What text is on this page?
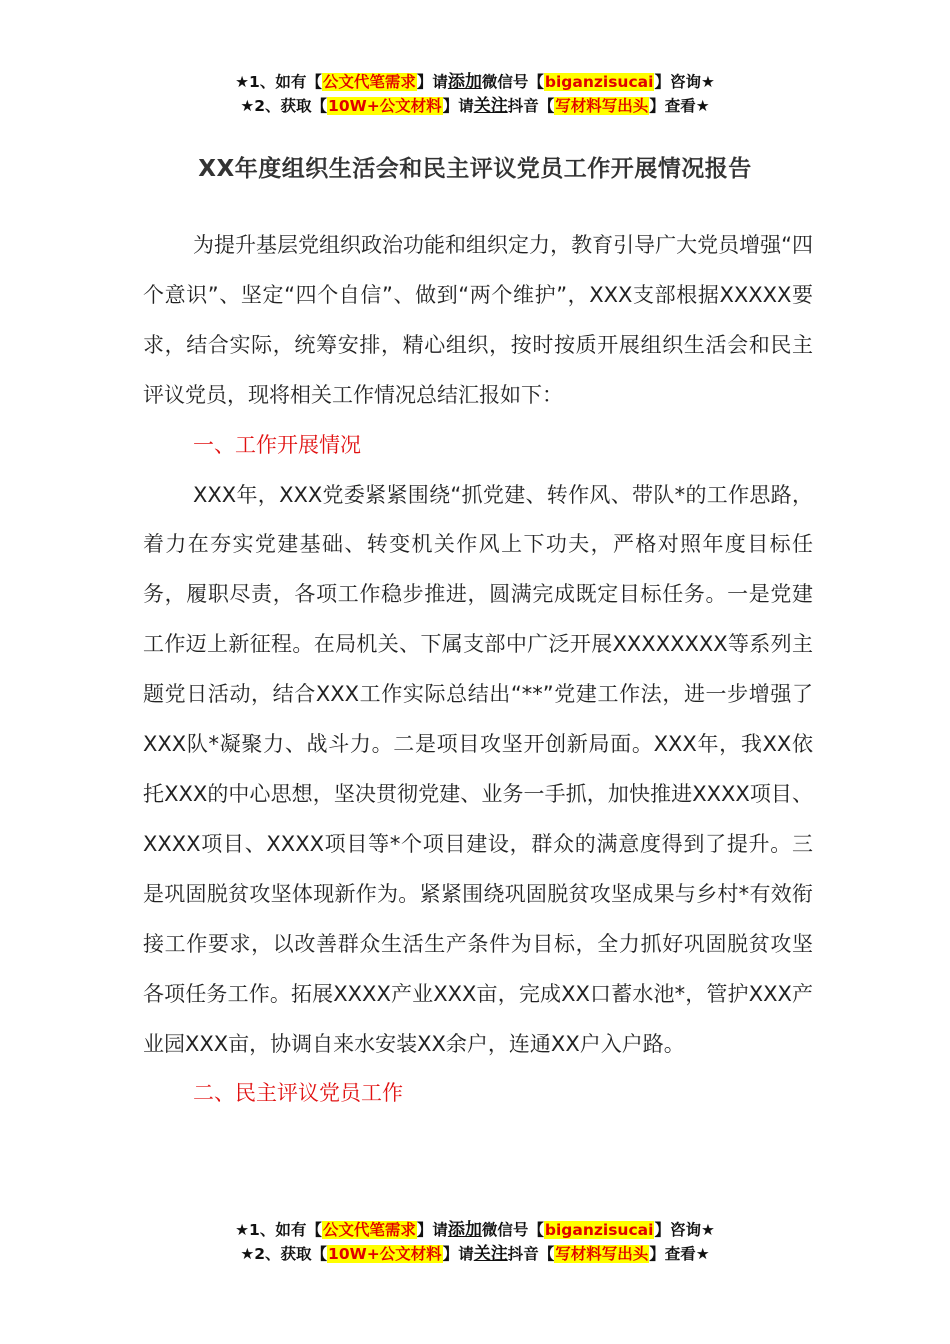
★1、如有【公文代笔需求】请添加微信号【biganzisucai】咨询★
★2、获取【10W+公文材料】请关注抖音【写材料写出头】查看★
XX年度组织生活会和民主评议党员工作开展情况报告

为提升基层党组织政治功能和组织定力，教育引导广大党员增强“四个意识”、坚定“四个自信”、做到“两个维护”，XXX支部根据XXXXX要求，结合实际，统筹安排，精心组织，按时按质开展组织生活会和民主评议党员，现将相关工作情况总结汇报如下：

一、工作开展情况

XXX年，XXX党委紧紧围绕“抓党建、转作风、带队*的工作思路，着力在夯实党建基础、转变机关作风上下功夫，严格对照年度目标任务，履职尽责，各项工作稳步推进，圆满完成既定目标任务。一是党建工作迈上新征程。在局机关、下属支部中广泛开展XXXXXXXX等系列主题党日活动，结合XXX工作实际总结出“**”党建工作法，进一步增强了XXX队*凝聚力、战斗力。二是项目攻坚开创新局面。XXX年，我XX依托XXX的中心思想，坚决贯彻党建、业务一手抓，加快推进XXXX项目、XXXX项目、XXXX项目等*个项目建设，群众的满意度得到了提升。三是巩固脱贫攻坚体现新作为。紧紧围绕巩固脱贫攻坚成果与乡村*有效衔接工作要求，以改善群众生活生产条件为目标，全力抓好巩固脱贫攻坚各项任务工作。拓展XXXX产业XXX亩，完成XX口蓄水池*，管护XXX产业园XXX亩，协调自来水安装XX余户，连通XX户入户路。

二、民主评议党员工作

★1、如有【公文代笔需求】请添加微信号【biganzisucai】咨询★
★2、获取【10W+公文材料】请关注抖音【写材料写出头】查看★
